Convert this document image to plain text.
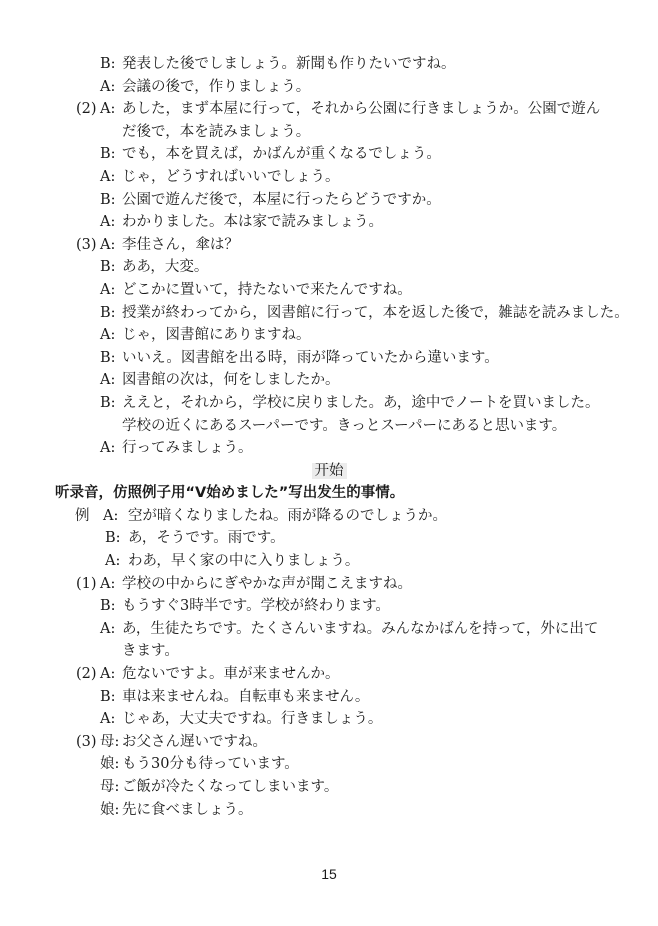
B: 発表した後でしましょう。新聞も作りたいですね。
A: 会議の後で，作りましょう。
(2) A: あした，まず本屋に行って，それから公園に行きましょうか。公園で遊ん
だ後で，本を読みましょう。
B: でも，本を買えば，かばんが重くなるでしょう。
A: じゃ，どうすればいいでしょう。
B: 公園で遊んだ後で，本屋に行ったらどうですか。
A: わかりました。本は家で読みましょう。
(3) A: 李佳さん，傘は？
B: ああ，大変。
A: どこかに置いて，持たないで来たんですね。
B: 授業が終わってから，図書館に行って，本を返した後で，雑誌を読みました。
A: じゃ，図書館にありますね。
B: いいえ。図書館を出る時，雨が降っていたから違います。
A: 図書館の次は，何をしましたか。
B: ええと，それから，学校に戻りました。あ，途中でノートを買いました。
学校の近くにあるスーパーです。きっとスーパーにあると思います。
A: 行ってみましょう。
开始
听录音，仿照例子用“V始めました”写出发生的事情。
例 A: 空が暗くなりましたね。雨が降るのでしょうか。
B: あ，そうです。雨です。
A: わあ，早く家の中に入りましょう。
(1) A: 学校の中からにぎやかな声が聞こえますね。
B: もうすぐ3時半です。学校が終わります。
A: あ，生徒たちです。たくさんいますね。みんなかばんを持って，外に出て
きます。
(2) A: 危ないですよ。車が来ませんか。
B: 車は来ませんね。自転車も来ません。
A: じゃあ，大丈夫ですね。行きましょう。
(3) 母: お父さん遅いですね。
娘: もう30分も待っています。
母: ご飯が冷たくなってしまいます。
娘: 先に食べましょう。
15
